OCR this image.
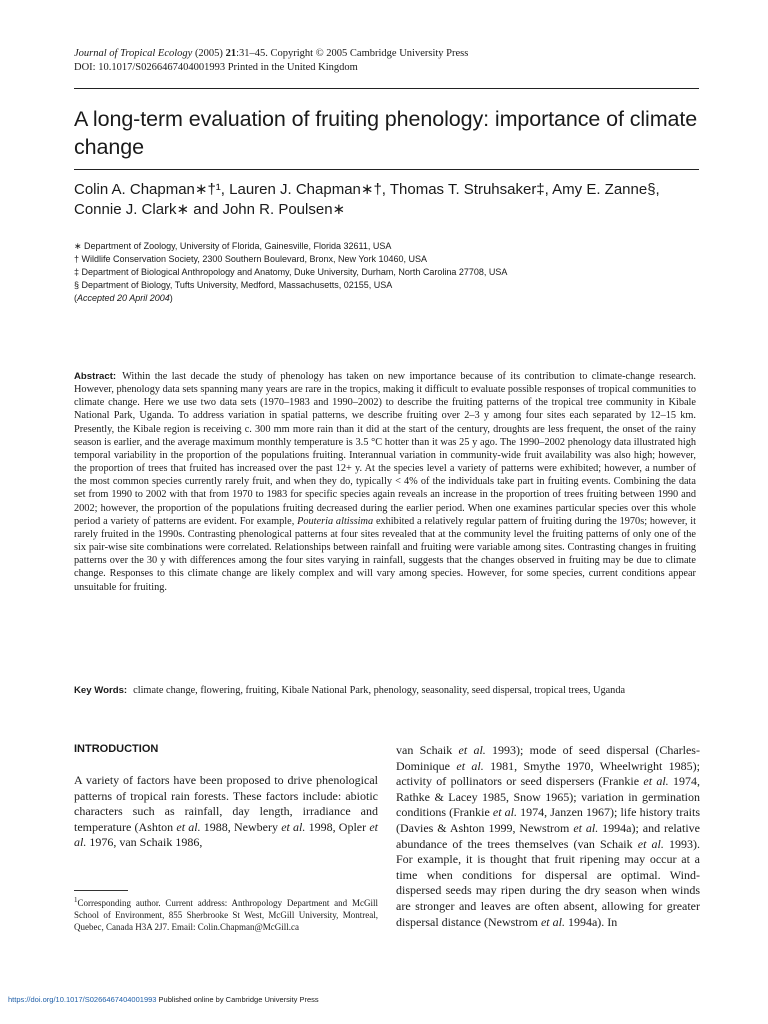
Journal of Tropical Ecology (2005) 21:31–45. Copyright © 2005 Cambridge University Press
DOI: 10.1017/S0266467404001993 Printed in the United Kingdom
A long-term evaluation of fruiting phenology: importance of climate change
Colin A. Chapman∗†¹, Lauren J. Chapman∗†, Thomas T. Struhsaker‡, Amy E. Zanne§,
Connie J. Clark∗ and John R. Poulsen∗
∗ Department of Zoology, University of Florida, Gainesville, Florida 32611, USA
† Wildlife Conservation Society, 2300 Southern Boulevard, Bronx, New York 10460, USA
‡ Department of Biological Anthropology and Anatomy, Duke University, Durham, North Carolina 27708, USA
§ Department of Biology, Tufts University, Medford, Massachusetts, 02155, USA
(Accepted 20 April 2004)
Abstract: Within the last decade the study of phenology has taken on new importance because of its contribution to climate-change research. However, phenology data sets spanning many years are rare in the tropics, making it difficult to evaluate possible responses of tropical communities to climate change. Here we use two data sets (1970–1983 and 1990–2002) to describe the fruiting patterns of the tropical tree community in Kibale National Park, Uganda. To address variation in spatial patterns, we describe fruiting over 2–3 y among four sites each separated by 12–15 km. Presently, the Kibale region is receiving c. 300 mm more rain than it did at the start of the century, droughts are less frequent, the onset of the rainy season is earlier, and the average maximum monthly temperature is 3.5 °C hotter than it was 25 y ago. The 1990–2002 phenology data illustrated high temporal variability in the proportion of the populations fruiting. Interannual variation in community-wide fruit availability was also high; however, the proportion of trees that fruited has increased over the past 12+ y. At the species level a variety of patterns were exhibited; however, a number of the most common species currently rarely fruit, and when they do, typically < 4% of the individuals take part in fruiting events. Combining the data set from 1990 to 2002 with that from 1970 to 1983 for specific species again reveals an increase in the proportion of trees fruiting between 1990 and 2002; however, the proportion of the populations fruiting decreased during the earlier period. When one examines particular species over this whole period a variety of patterns are evident. For example, Pouteria altissima exhibited a relatively regular pattern of fruiting during the 1970s; however, it rarely fruited in the 1990s. Contrasting phenological patterns at four sites revealed that at the community level the fruiting patterns of only one of the six pair-wise site combinations were correlated. Relationships between rainfall and fruiting were variable among sites. Contrasting changes in fruiting patterns over the 30 y with differences among the four sites varying in rainfall, suggests that the changes observed in fruiting may be due to climate change. Responses to this climate change are likely complex and will vary among species. However, for some species, current conditions appear unsuitable for fruiting.
Key Words: climate change, flowering, fruiting, Kibale National Park, phenology, seasonality, seed dispersal, tropical trees, Uganda
INTRODUCTION
A variety of factors have been proposed to drive phenological patterns of tropical rain forests. These factors include: abiotic characters such as rainfall, day length, irradiance and temperature (Ashton et al. 1988, Newbery et al. 1998, Opler et al. 1976, van Schaik 1986,
$^1$Corresponding author. Current address: Anthropology Department and McGill School of Environment, 855 Sherbrooke St West, McGill University, Montreal, Quebec, Canada H3A 2J7. Email: Colin.Chapman@McGill.ca
van Schaik et al. 1993); mode of seed dispersal (Charles-Dominique et al. 1981, Smythe 1970, Wheelwright 1985); activity of pollinators or seed dispersers (Frankie et al. 1974, Rathke & Lacey 1985, Snow 1965); variation in germination conditions (Frankie et al. 1974, Janzen 1967); life history traits (Davies & Ashton 1999, Newstrom et al. 1994a); and relative abundance of the trees themselves (van Schaik et al. 1993). For example, it is thought that fruit ripening may occur at a time when conditions for dispersal are optimal. Wind-dispersed seeds may ripen during the dry season when winds are stronger and leaves are often absent, allowing for greater dispersal distance (Newstrom et al. 1994a). In
https://doi.org/10.1017/S0266467404001993 Published online by Cambridge University Press
